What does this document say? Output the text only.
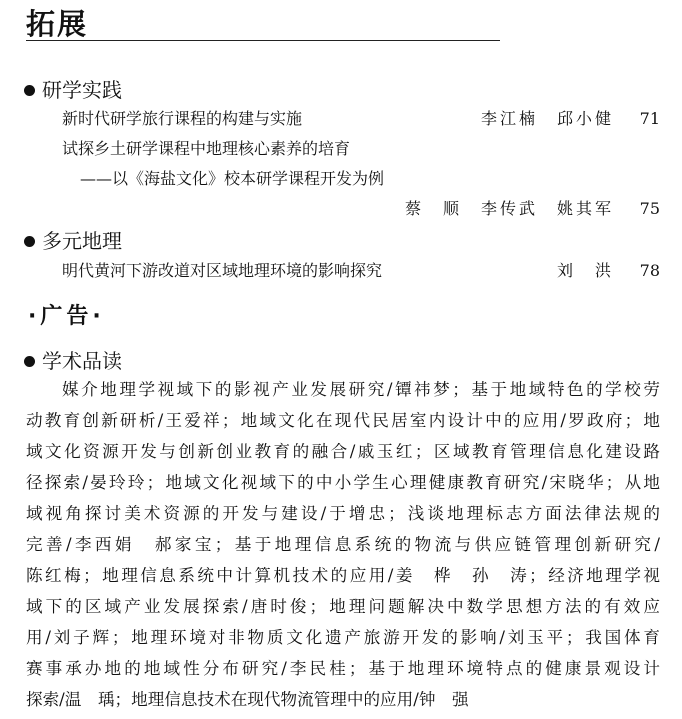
拓展
研学实践
新时代研学旅行课程的构建与实施	李江楠　邱小健	71
试探乡土研学课程中地理核心素养的培育
——以《海盐文化》校本研学课程开发为例
蔡　顺　李传武　姚其军	75
多元地理
明代黄河下游改道对区域地理环境的影响探究	刘　洪	78
·广告·
学术品读
媒介地理学视域下的影视产业发展研究/镡祎梦；基于地域特色的学校劳
动教育创新研析/王爱祥；地域文化在现代民居室内设计中的应用/罗政府；地
域文化资源开发与创新创业教育的融合/戚玉红；区域教育管理信息化建设路
径探索/晏玲玲；地域文化视域下的中小学生心理健康教育研究/宋晓华；从地
域视角探讨美术资源的开发与建设/于增忠；浅谈地理标志方面法律法规的
完善/李西娟　郝家宝；基于地理信息系统的物流与供应链管理创新研究/
陈红梅；地理信息系统中计算机技术的应用/姜　桦　孙　涛；经济地理学视
域下的区域产业发展探索/唐时俊；地理问题解决中数学思想方法的有效应
用/刘子辉；地理环境对非物质文化遗产旅游开发的影响/刘玉平；我国体育
赛事承办地的地域性分布研究/李民桂；基于地理环境特点的健康景观设计
探索/温　瑀；地理信息技术在现代物流管理中的应用/钟　强
